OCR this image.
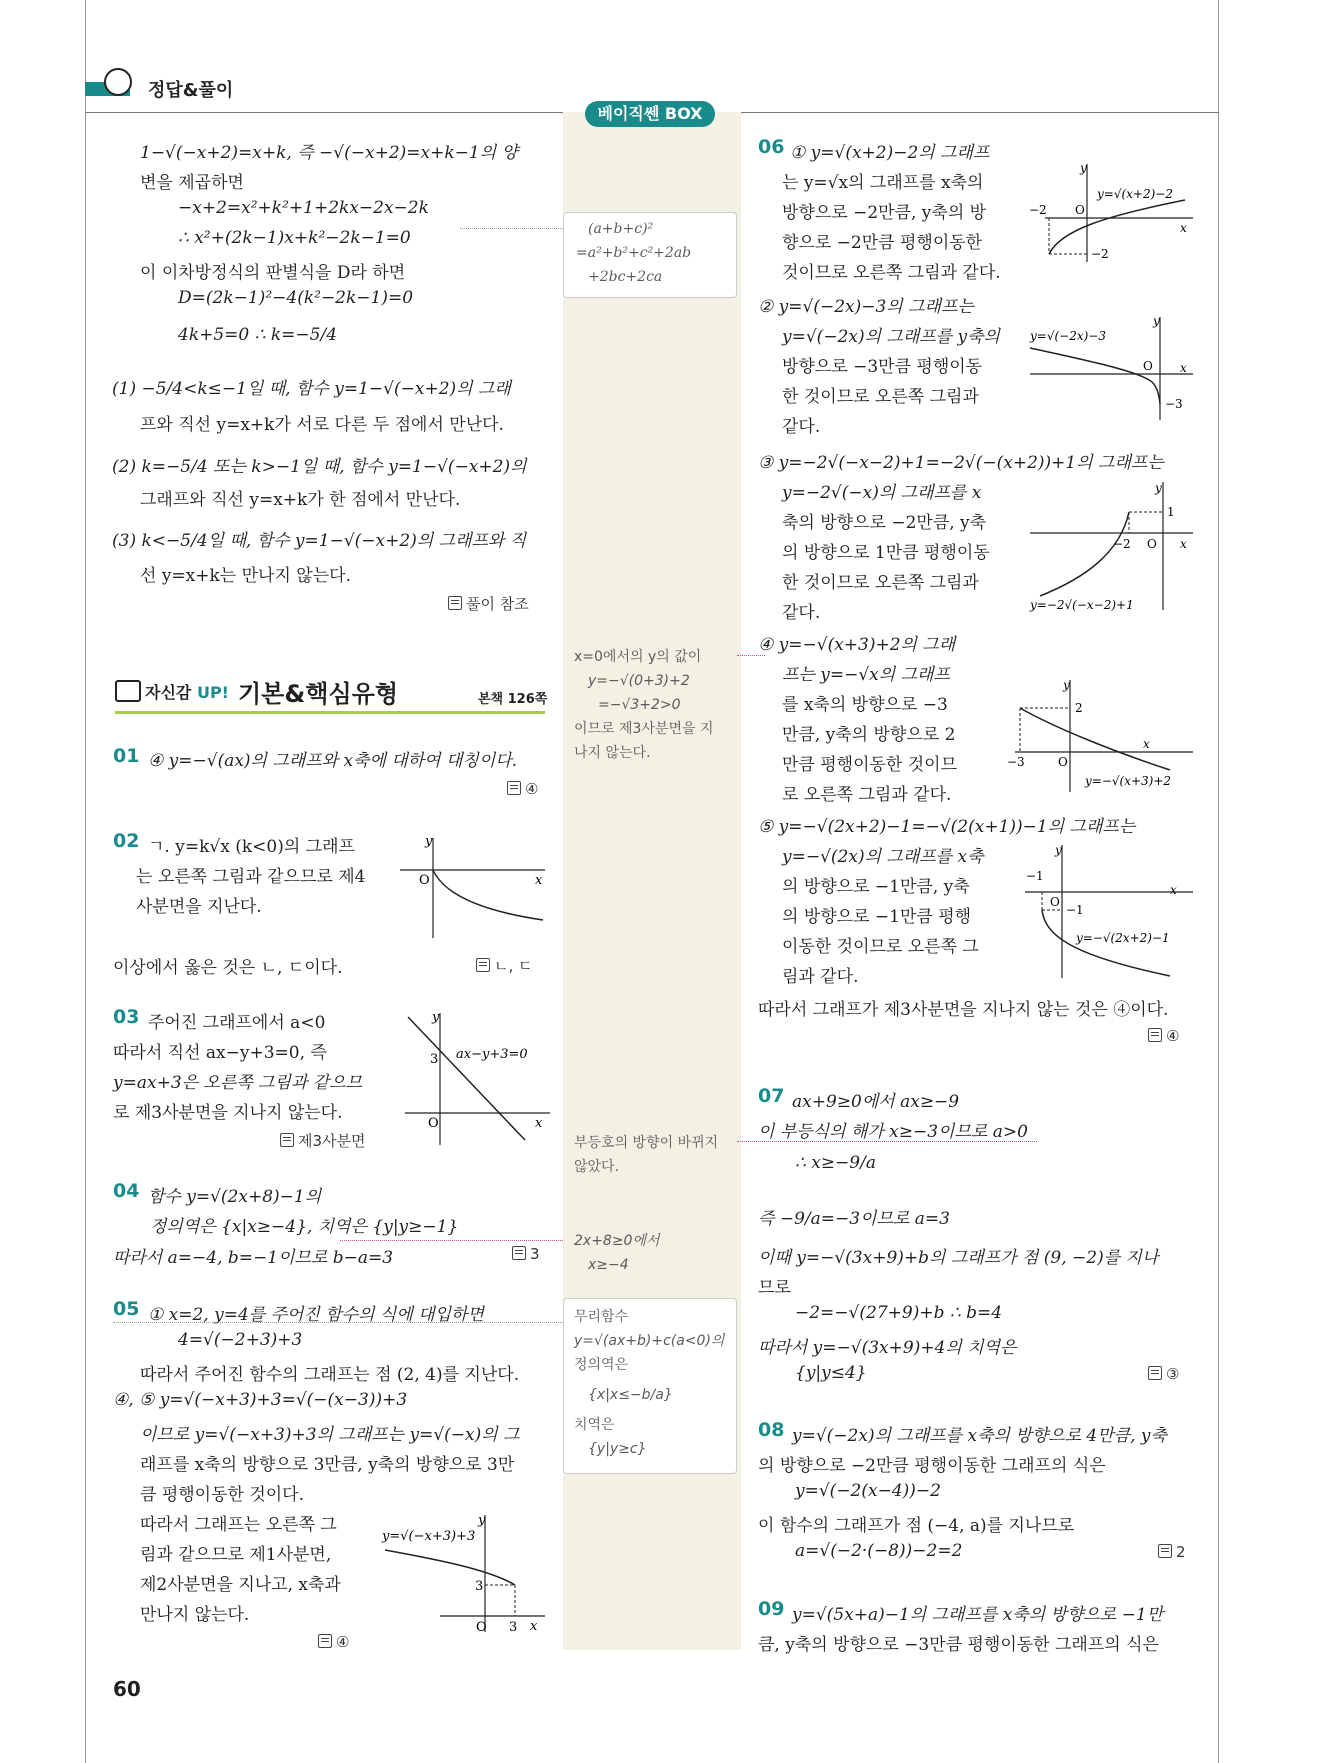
정답&풀이
베이직쎈 BOX
1−√(−x+2)=x+k, 즉 −√(−x+2)=x+k−1의 양
변을 제곱하면
−x+2=x²+k²+1+2kx−2x−2k
∴ x²+(2k−1)x+k²−2k−1=0
이 이차방정식의 판별식을 D라 하면
D=(2k−1)²−4(k²−2k−1)=0
4k+5=0 ∴ k=−5/4
(1) −5/4<k≤−1일 때, 함수 y=1−√(−x+2)의 그래
프와 직선 y=x+k가 서로 다른 두 점에서 만난다.
(2) k=−5/4 또는 k>−1일 때, 함수 y=1−√(−x+2)의
그래프와 직선 y=x+k가 한 점에서 만난다.
(3) k<−5/4일 때, 함수 y=1−√(−x+2)의 그래프와 직
선 y=x+k는 만나지 않는다.
풀이 참조
자신감 UP! 기본&핵심유형	본책 126쪽
01 ④ y=−√(ax)의 그래프와 x축에 대하여 대칭이다.
④
02 ㄱ. y=k√x (k<0)의 그래프
는 오른쪽 그림과 같으므로 제4
사분면을 지난다.
y
x
O
이상에서 옳은 것은 ㄴ, ㄷ이다.	ㄴ, ㄷ
03 주어진 그래프에서 a<0
따라서 직선 ax−y+3=0, 즉
y=ax+3은 오른쪽 그림과 같으므
로 제3사분면을 지나지 않는다.
제3사분면
y
x
O
3 ax−y+3=0
04 함수 y=√(2x+8)−1의
정의역은 {x|x≥−4}, 치역은 {y|y≥−1}
따라서 a=−4, b=−1이므로 b−a=3	3
05 ① x=2, y=4를 주어진 함수의 식에 대입하면
4=√(−2+3)+3
따라서 주어진 함수의 그래프는 점 (2, 4)를 지난다.
④, ⑤ y=√(−x+3)+3=√(−(x−3))+3
이므로 y=√(−x+3)+3의 그래프는 y=√(−x)의 그
래프를 x축의 방향으로 3만큼, y축의 방향으로 3만
큼 평행이동한 것이다.
따라서 그래프는 오른쪽 그
림과 같으므로 제1사분면,
제2사분면을 지나고, x축과
만나지 않는다.
y
x
O 3
3
y=√(−x+3)+3
④
60
(a+b+c)²
=a²+b²+c²+2ab
+2bc+2ca
x=0에서의 y의 값이
y=−√(0+3)+2
=−√3+2>0
이므로 제3사분면을 지
나지 않는다.
부등호의 방향이 바뀌지
않았다.
2x+8≥0에서
x≥−4
무리함수
y=√(ax+b)+c(a<0)의
정의역은
{x|x≤−b/a}
치역은
{y|y≥c}
06 ① y=√(x+2)−2의 그래프
는 y=√x의 그래프를 x축의
방향으로 −2만큼, y축의 방
향으로 −2만큼 평행이동한
것이므로 오른쪽 그림과 같다.
y
x
O
−2
−2
y=√(x+2)−2
② y=√(−2x)−3의 그래프는
y=√(−2x)의 그래프를 y축의
방향으로 −3만큼 평행이동
한 것이므로 오른쪽 그림과
같다.
y
x
O
−3
y=√(−2x)−3
③ y=−2√(−x−2)+1=−2√(−(x+2))+1의 그래프는
y=−2√(−x)의 그래프를 x
축의 방향으로 −2만큼, y축
의 방향으로 1만큼 평행이동
한 것이므로 오른쪽 그림과
같다.
y
x
O
−2
1
y=−2√(−x−2)+1
④ y=−√(x+3)+2의 그래
프는 y=−√x의 그래프
를 x축의 방향으로 −3
만큼, y축의 방향으로 2
만큼 평행이동한 것이므
로 오른쪽 그림과 같다.
y
x
O
−3
2
y=−√(x+3)+2
⑤ y=−√(2x+2)−1=−√(2(x+1))−1의 그래프는
y=−√(2x)의 그래프를 x축
의 방향으로 −1만큼, y축
의 방향으로 −1만큼 평행
이동한 것이므로 오른쪽 그
림과 같다.
y
x
O
−1
−1
y=−√(2x+2)−1
따라서 그래프가 제3사분면을 지나지 않는 것은 ④이다.
④
07 ax+9≥0에서 ax≥−9
이 부등식의 해가 x≥−3이므로 a>0
∴ x≥−9/a
즉 −9/a=−3이므로 a=3
이때 y=−√(3x+9)+b의 그래프가 점 (9, −2)를 지나
므로
−2=−√(27+9)+b ∴ b=4
따라서 y=−√(3x+9)+4의 치역은
{y|y≤4}	③
08 y=√(−2x)의 그래프를 x축의 방향으로 4만큼, y축
의 방향으로 −2만큼 평행이동한 그래프의 식은
y=√(−2(x−4))−2
이 함수의 그래프가 점 (−4, a)를 지나므로
a=√(−2·(−8))−2=2	2
09 y=√(5x+a)−1의 그래프를 x축의 방향으로 −1만
큼, y축의 방향으로 −3만큼 평행이동한 그래프의 식은
